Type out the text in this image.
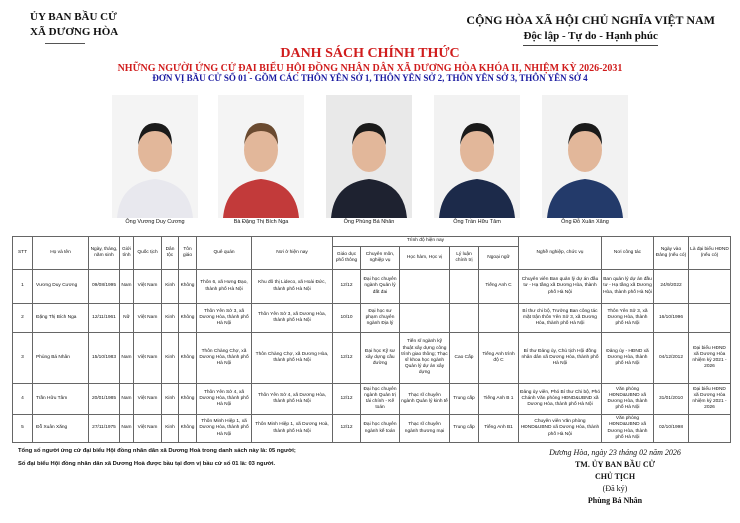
ỦY BAN BẦU CỬ
XÃ DƯƠNG HÒA
CỘNG HÒA XÃ HỘI CHỦ NGHĨA VIỆT NAM
Độc lập - Tự do - Hạnh phúc
DANH SÁCH CHÍNH THỨC
NHỮNG NGƯỜI ỨNG CỬ ĐẠI BIỂU HỘI ĐỒNG NHÂN DÂN XÃ DƯƠNG HÒA KHÓA II, NHIỆM KỲ 2026-2031
ĐƠN VỊ BẦU CỬ SỐ 01 - GỒM CÁC THÔN YÊN SỞ 1, THÔN YÊN SỞ 2, THÔN YÊN SỞ 3, THÔN YÊN SỞ 4
Ông Vương Duy Cương	Bà Đặng Thị Bích Nga	Ông Phùng Bá Nhân	Ông Trần Hữu Tâm	Ông Đỗ Xuân Xăng
STT	Họ và tên	Ngày, tháng, năm sinh	Giới tính	Quốc tịch	Dân tộc	Tôn giáo	Quê quán	Nơi ở hiện nay	Trình độ hiện nay					Nghề nghiệp, chức vụ	Nơi công tác	Ngày vào Đảng (nếu có)	Là đại biểu HĐND (nếu có)
									Giáo dục phổ thông	Chuyên môn, nghiệp vụ	Học hàm, Học vị	Lý luận chính trị	Ngoại ngữ				
1	Vương Duy Cương	09/08/1995	Nam	Việt Nam	Kinh	Không	Thôn 6, xã Hưng Đạo, thành phố Hà Nội	Khu đô thị Lideco, xã Hoài Đức, thành phố Hà Nội	12/12	Đại học chuyên ngành Quản lý đất đai			Tiếng Anh C	Chuyên viên Ban quản lý dự án đầu tư - Hạ tầng xã Dương Hòa, thành phố Hà Nội	Ban quản lý dự án đầu tư - Hạ tầng xã Dương Hòa, thành phố Hà Nội	24/9/2022	
2	Đặng Thị Bích Nga	12/11/1961	Nữ	Việt Nam	Kinh	Không	Thôn Yên Sở 3, xã Dương Hòa, thành phố Hà Nội	Thôn Yên Sở 3, xã Dương Hòa, thành phố Hà Nội	10/10	Đại học sư phạm chuyên ngành Địa lý				Bí thư chi bộ, Trưởng Ban công tác mặt trận thôn Yên Sở 3, xã Dương Hòa, thành phố Hà Nội	Thôn Yên Sở 3, xã Dương Hòa, thành phố Hà Nội	16/10/1996	
3	Phùng Bá Nhân	15/10/1983	Nam	Việt Nam	Kinh	Không	Thôn Chàng Chợ, xã Dương Hòa, thành phố Hà Nội	Thôn Chàng Chợ, xã Dương Hòa, thành phố Hà Nội	12/12	Đại học Kỹ sư xây dựng cầu đường	Tiến sĩ ngành kỹ thuật xây dựng công trình giao thông; Thạc sĩ khoa học ngành Quản lý dự án xây dựng	Cao Cấp	Tiếng Anh trình độ C	Bí thư Đảng ủy, Chủ tịch Hội đồng nhân dân xã Dương Hòa, thành phố Hà Nội	Đảng ủy - HĐND xã Dương Hòa, thành phố Hà Nội	04/12/2012	Đại biểu HĐND xã Dương Hòa nhiệm kỳ 2021 - 2026
4	Trần Hữu Tâm	20/01/1985	Nam	Việt Nam	Kinh	Không	Thôn Yên Sở 4, xã Dương Hòa, thành phố Hà Nội	Thôn Yên Sở 4, xã Dương Hòa, thành phố Hà Nội	12/12	Đại học chuyên ngành Quản trị tài chính - Kế toán	Thạc sĩ chuyên ngành Quản lý kinh tế	Trung cấp	Tiếng Anh B 1	Đảng ủy viên, Phó Bí thư Chi bộ, Phó Chánh Văn phòng HĐND&UBND xã Dương Hòa, thành phố Hà Nội	Văn phòng HĐND&UBND xã Dương Hòa, thành phố Hà Nội	31/01/2010	Đại biểu HĐND xã Dương Hòa nhiệm kỳ 2021 - 2026
5	Đỗ Xuân Xăng	27/11/1975	Nam	Việt Nam	Kinh	Không	Thôn Minh Hiệp 1, xã Dương Hòa, thành phố Hà Nội	Thôn Minh Hiệp 1, xã Dương Hoà, thành phố Hà Nội	12/12	Đại học chuyên ngành kế toán	Thạc sĩ chuyên ngành thương mại	Trung cấp	Tiếng Anh B1	Chuyên viên Văn phòng HĐND&UBND xã Dương Hòa, thành phố Hà Nội	Văn phòng HĐND&UBND xã Dương Hòa, thành phố Hà Nội	02/10/1998	
Tổng số người ứng cử đại biểu Hội đồng nhân dân xã Dương Hoà trong danh sách này là: 05 người;
Số đại biểu Hội đồng nhân dân xã Dương Hoà được bầu tại đơn vị bầu cử số 01 là: 03 người.
Dương Hòa, ngày 23 tháng 02 năm 2026
TM. ỦY BAN BẦU CỬ
CHỦ TỊCH
(Đã ký)
Phùng Bá Nhân
